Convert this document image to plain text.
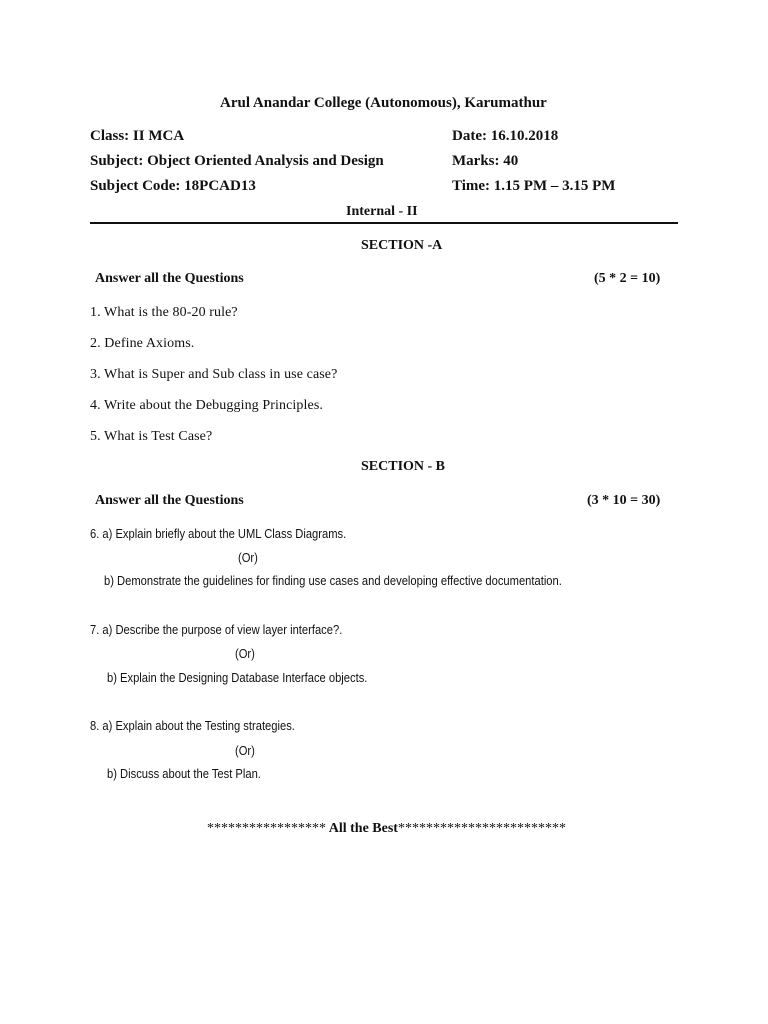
Arul Anandar College (Autonomous), Karumathur
Class: II MCA	Date: 16.10.2018
Subject: Object Oriented Analysis and Design	Marks: 40
Subject Code: 18PCAD13	Time: 1.15 PM – 3.15 PM
Internal - II
SECTION -A
Answer all the Questions	(5 * 2 = 10)
1. What is the 80-20 rule?
2. Define Axioms.
3. What is Super and Sub class in use case?
4. Write about the Debugging Principles.
5. What is Test Case?
SECTION - B
Answer all the Questions	(3 * 10 = 30)
6. a) Explain briefly about the UML Class Diagrams.
(Or)
b) Demonstrate the guidelines for finding use cases and developing effective documentation.
7. a) Describe the purpose of view layer interface?.
(Or)
b) Explain the Designing Database Interface objects.
8. a) Explain about the Testing strategies.
(Or)
b) Discuss about the Test Plan.
***************** All the Best************************
